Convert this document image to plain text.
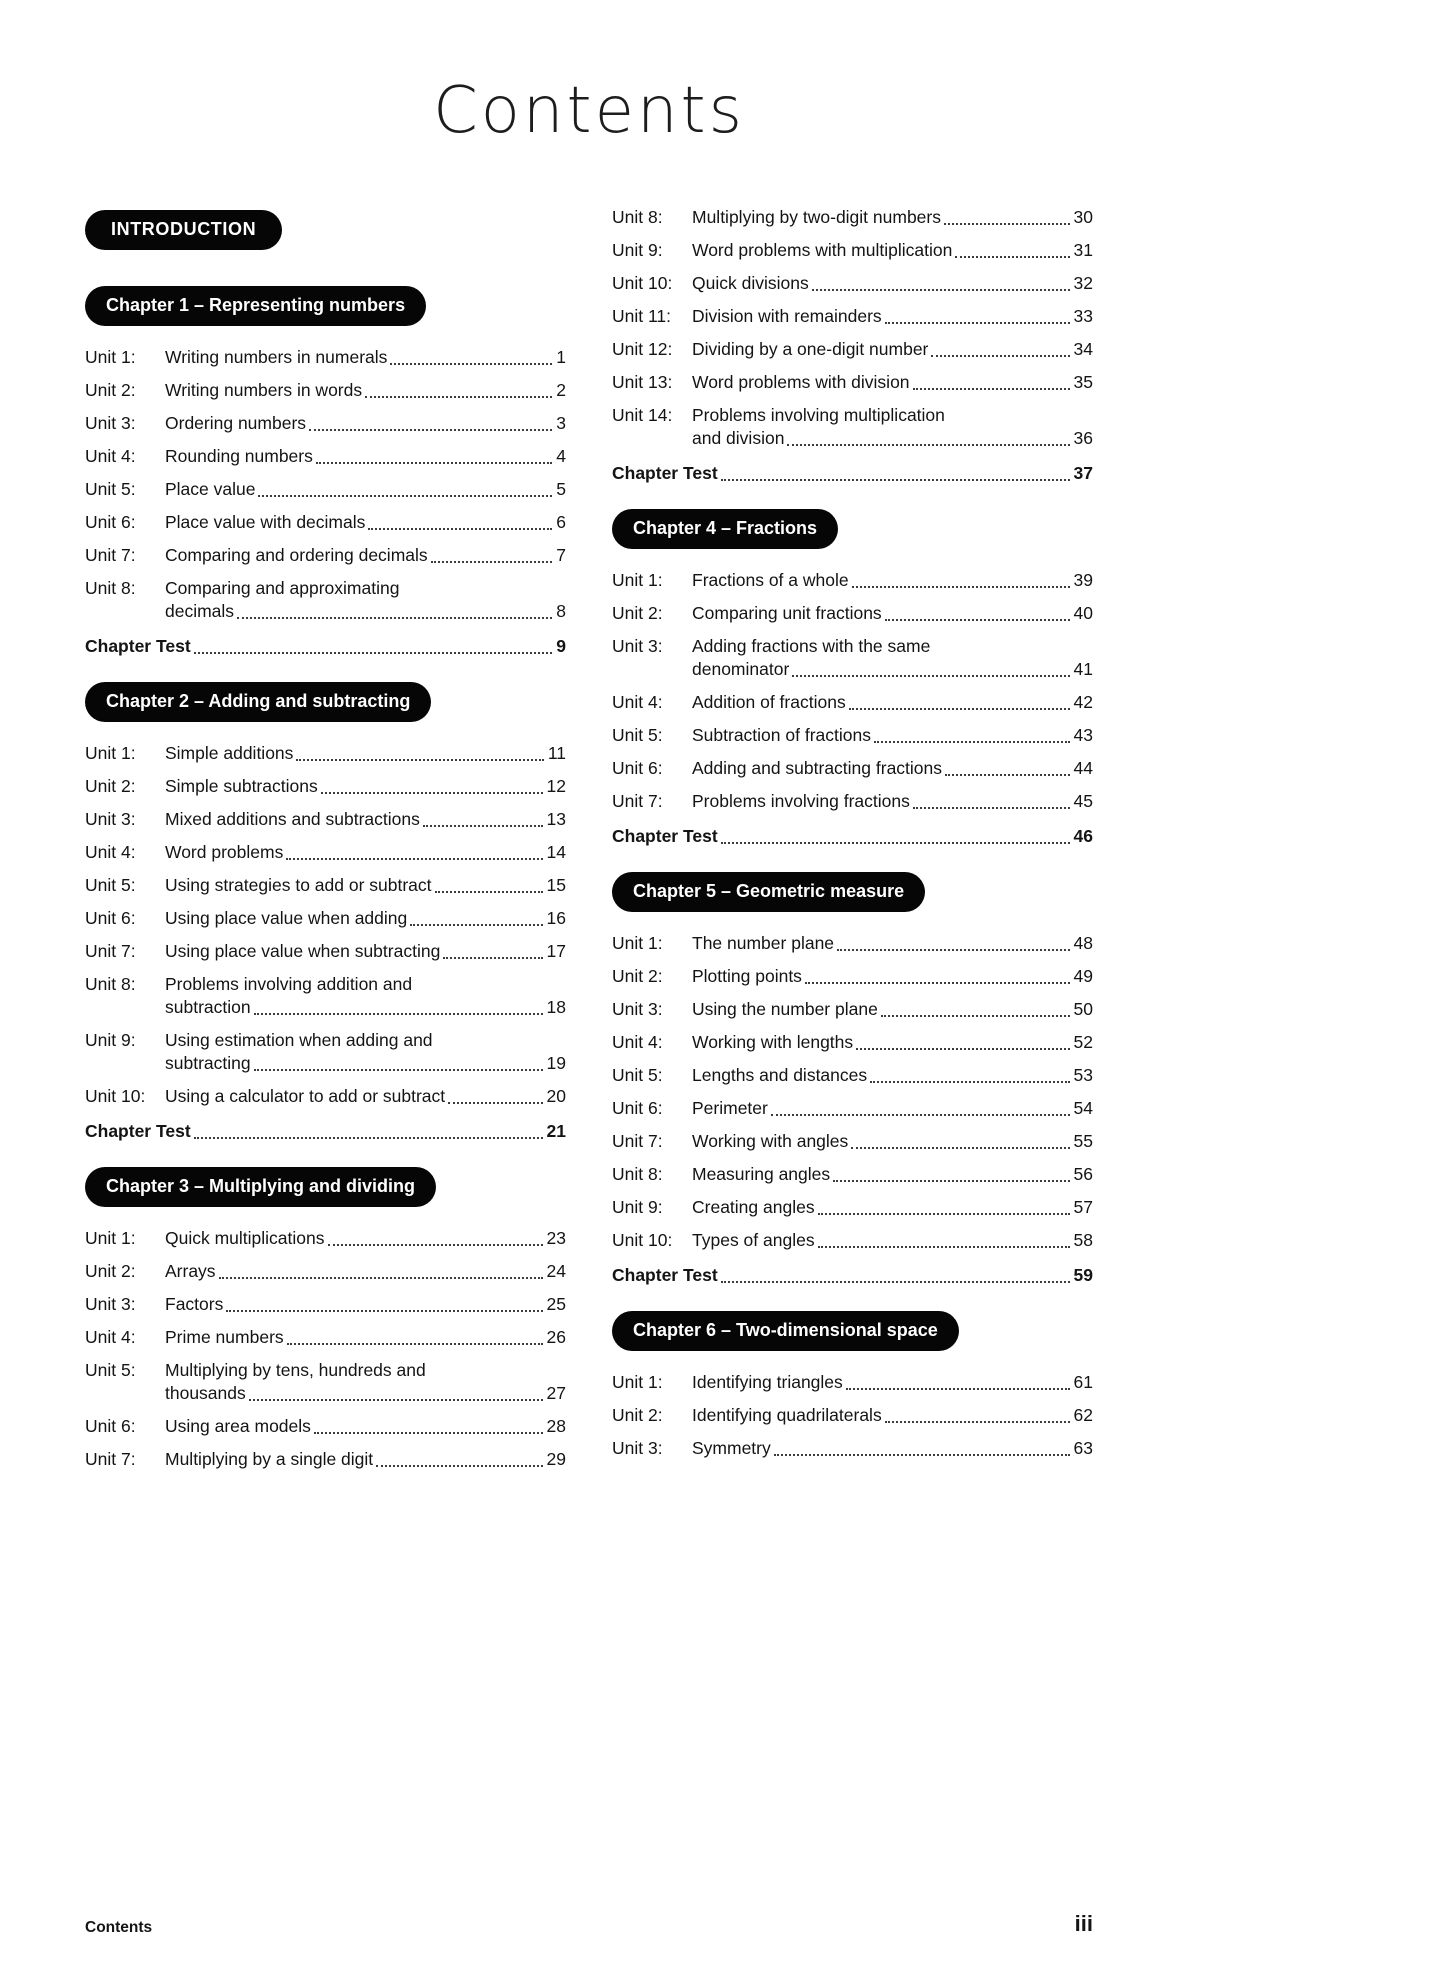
Contents
INTRODUCTION
Chapter 1 – Representing numbers
Unit 1:	Writing numbers in numerals	1
Unit 2:	Writing numbers in words	2
Unit 3:	Ordering numbers	3
Unit 4:	Rounding numbers	4
Unit 5:	Place value	5
Unit 6:	Place value with decimals	6
Unit 7:	Comparing and ordering decimals	7
Unit 8:	Comparing and approximating
decimals	8
Chapter Test	9
Chapter 2 – Adding and subtracting
Unit 1:	Simple additions	11
Unit 2:	Simple subtractions	12
Unit 3:	Mixed additions and subtractions	13
Unit 4:	Word problems	14
Unit 5:	Using strategies to add or subtract	15
Unit 6:	Using place value when adding	16
Unit 7:	Using place value when subtracting	17
Unit 8:	Problems involving addition and
subtraction	18
Unit 9:	Using estimation when adding and
subtracting	19
Unit 10:	Using a calculator to add or subtract	20
Chapter Test	21
Chapter 3 – Multiplying and dividing
Unit 1:	Quick multiplications	23
Unit 2:	Arrays	24
Unit 3:	Factors	25
Unit 4:	Prime numbers	26
Unit 5:	Multiplying by tens, hundreds and
thousands	27
Unit 6:	Using area models	28
Unit 7:	Multiplying by a single digit	29
Unit 8:	Multiplying by two-digit numbers	30
Unit 9:	Word problems with multiplication	31
Unit 10:	Quick divisions	32
Unit 11:	Division with remainders	33
Unit 12:	Dividing by a one-digit number	34
Unit 13:	Word problems with division	35
Unit 14:	Problems involving multiplication
and division	36
Chapter Test	37
Chapter 4 – Fractions
Unit 1:	Fractions of a whole	39
Unit 2:	Comparing unit fractions	40
Unit 3:	Adding fractions with the same
denominator	41
Unit 4:	Addition of fractions	42
Unit 5:	Subtraction of fractions	43
Unit 6:	Adding and subtracting fractions	44
Unit 7:	Problems involving fractions	45
Chapter Test	46
Chapter 5 – Geometric measure
Unit 1:	The number plane	48
Unit 2:	Plotting points	49
Unit 3:	Using the number plane	50
Unit 4:	Working with lengths	52
Unit 5:	Lengths and distances	53
Unit 6:	Perimeter	54
Unit 7:	Working with angles	55
Unit 8:	Measuring angles	56
Unit 9:	Creating angles	57
Unit 10:	Types of angles	58
Chapter Test	59
Chapter 6 – Two-dimensional space
Unit 1:	Identifying triangles	61
Unit 2:	Identifying quadrilaterals	62
Unit 3:	Symmetry	63
Contents	iii
